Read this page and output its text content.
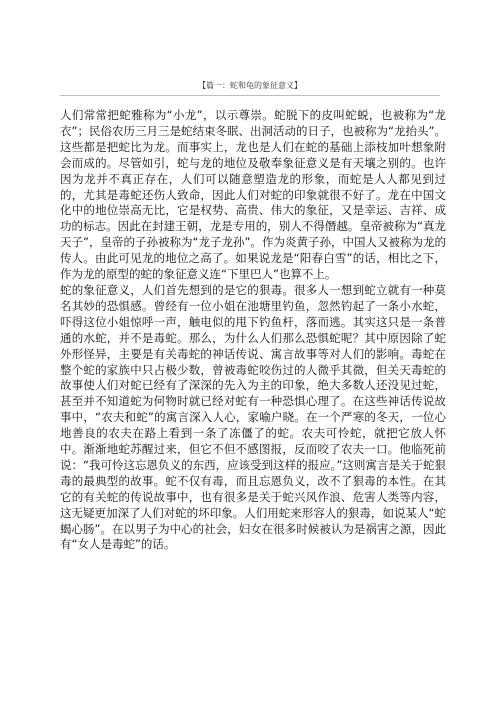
【篇一：蛇和龟的象征意义】

人们常常把蛇雅称为“小龙”，以示尊崇。蛇脱下的皮叫蛇蜕，也被称为“龙衣”；民俗农历三月三是蛇结束冬眠、出洞活动的日子，也被称为“龙抬头”。这些都是把蛇比为龙。而事实上，龙也是人们在蛇的基础上添枝加叶想象附会而成的。尽管如引，蛇与龙的地位及敬奉象征意义是有天壤之别的。也许因为龙并不真正存在，人们可以随意塑造龙的形象，而蛇是人人都见到过的，尤其是毒蛇还伤人致命，因此人们对蛇的印象就很不好了。龙在中国文化中的地位崇高无比，它是权势、高贵、伟大的象征，又是幸运、吉祥、成功的标志。因此在封建王朝，龙是专用的，别人不得僭越。皇帝被称为“真龙天子”，皇帝的子孙被称为“龙子龙孙”。作为炎黄子孙，中国人又被称为龙的传人。由此可见龙的地位之高了。如果说龙是“阳春白雪”的话，相比之下，作为龙的原型的蛇的象征意义连“下里巴人”也算不上。

蛇的象征意义，人们首先想到的是它的狠毒。很多人一想到蛇立就有一种莫名其妙的恐惧感。曾经有一位小姐在池塘里钓鱼，忽然钓起了一条小水蛇，吓得这位小姐惊呼一声，触电似的甩下钓鱼杆，落而逃。其实这只是一条普通的水蛇，并不是毒蛇。那么，为什么人们那么恐惧蛇呢？其中原因除了蛇外形怪异，主要是有关毒蛇的神话传说、寓言故事等对人们的影响。毒蛇在整个蛇的家族中只占极少数，曾被毒蛇咬伤过的人微乎其微，但关天毒蛇的故事使人们对蛇已经有了深深的先入为主的印象，绝大多数人还没见过蛇，甚至并不知道蛇为何物时就已经对蛇有一种恐惧心理了。在这些神话传说故事中，“农夫和蛇”的寓言深入人心，家喻户晓。在一个严寒的冬天，一位心地善良的农夫在路上看到一条了冻僵了的蛇。农夫可怜蛇，就把它放人怀中。渐渐地蛇苏醒过来，但它不但不感图报，反而咬了农夫一口。他临死前说：“我可怜这忘恩负义的东西，应该受到这样的报应。”这则寓言是关于蛇狠毒的最典型的故事。蛇不仅有毒，而且忘恩负义，改不了狠毒的本性。在其它的有关蛇的传说故事中，也有很多是关于蛇兴风作浪、危害人类等内容，这无疑更加深了人们对蛇的坏印象。人们用蛇来形容人的狠毒，如说某人“蛇蝎心肠”。在以男子为中心的社会，妇女在很多时候被认为是祸害之源，因此有“女人是毒蛇”的话。
